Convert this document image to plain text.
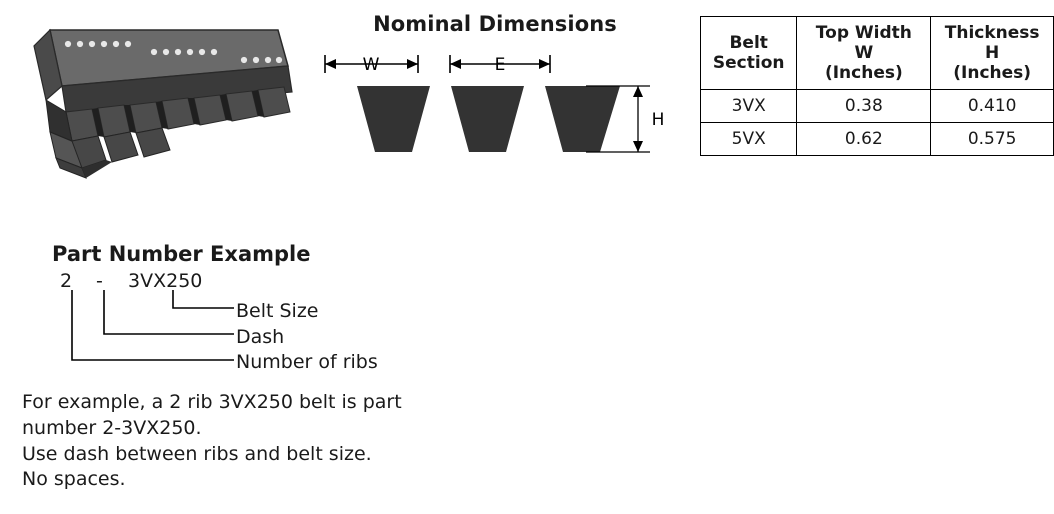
Nominal Dimensions
W	E
H
Belt
Section

Top Width
W
(Inches)

Thickness
H
(Inches)

3VX	0.38	0.410
5VX	0.62	0.575
Part Number Example
2 - 3VX250
Belt Size
Dash
Number of ribs
For example, a 2 rib 3VX250 belt is part
number 2-3VX250.
Use dash between ribs and belt size.
No spaces.
